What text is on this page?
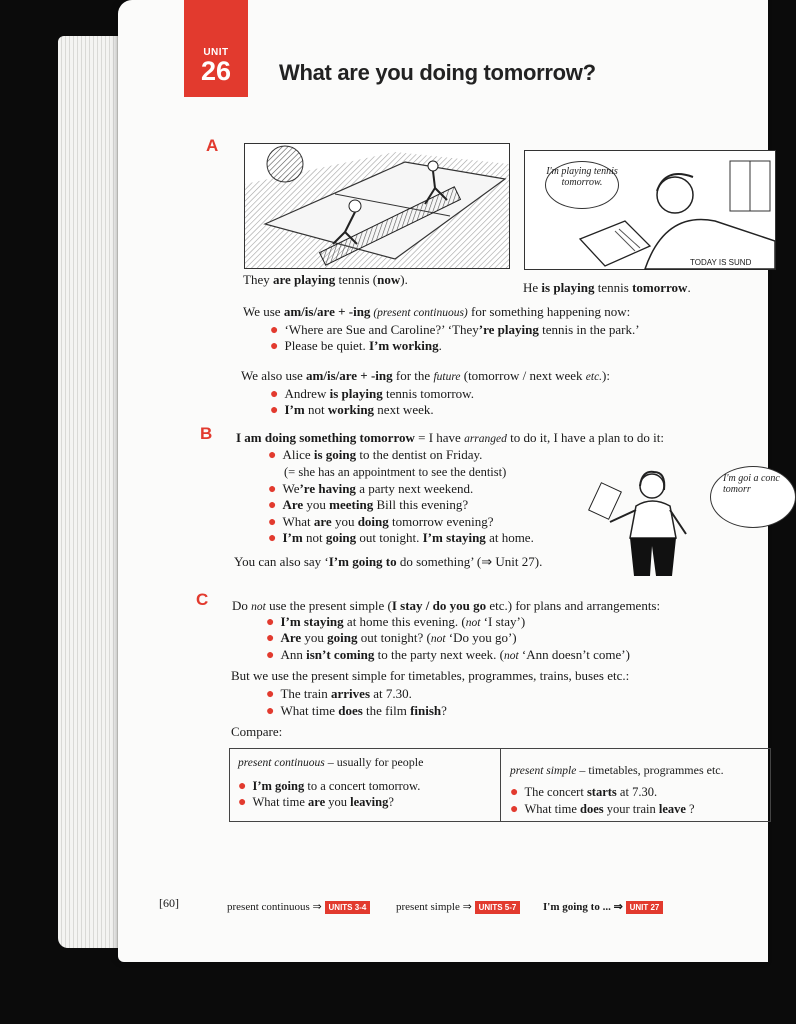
UNIT
26	What are you doing tomorrow?
A
B
C
I'm playing tennis tomorrow.
TODAY IS SUND
They are playing tennis (now).
He is playing tennis tomorrow.
We use am/is/are + -ing (present continuous) for something happening now:
● ‘Where are Sue and Caroline?’ ‘They’re playing tennis in the park.’
● Please be quiet. I’m working.
We also use am/is/are + -ing for the future (tomorrow / next week etc.):
● Andrew is playing tennis tomorrow.
● I’m not working next week.
I am doing something tomorrow = I have arranged to do it, I have a plan to do it:
● Alice is going to the dentist on Friday.
(= she has an appointment to see the dentist)
● We’re having a party next weekend.
● Are you meeting Bill this evening?
● What are you doing tomorrow evening?
● I’m not going out tonight. I’m staying at home.
You can also say ‘I’m going to do something’ (⇒ Unit 27).
I'm goi a conc tomorr
Do not use the present simple (I stay / do you go etc.) for plans and arrangements:
● I’m staying at home this evening. (not ‘I stay’)
● Are you going out tonight? (not ‘Do you go’)
● Ann isn’t coming to the party next week. (not ‘Ann doesn’t come’)
But we use the present simple for timetables, programmes, trains, buses etc.:
● The train arrives at 7.30.
● What time does the film finish?
Compare:
present continuous – usually for people
● I’m going to a concert tomorrow.
● What time are you leaving?
present simple – timetables, programmes etc.
● The concert starts at 7.30.
● What time does your train leave ?
[60]	present continuous ⇒ UNITS 3-4	present simple ⇒ UNITS 5-7	I'm going to ... ⇒ UNIT 27
